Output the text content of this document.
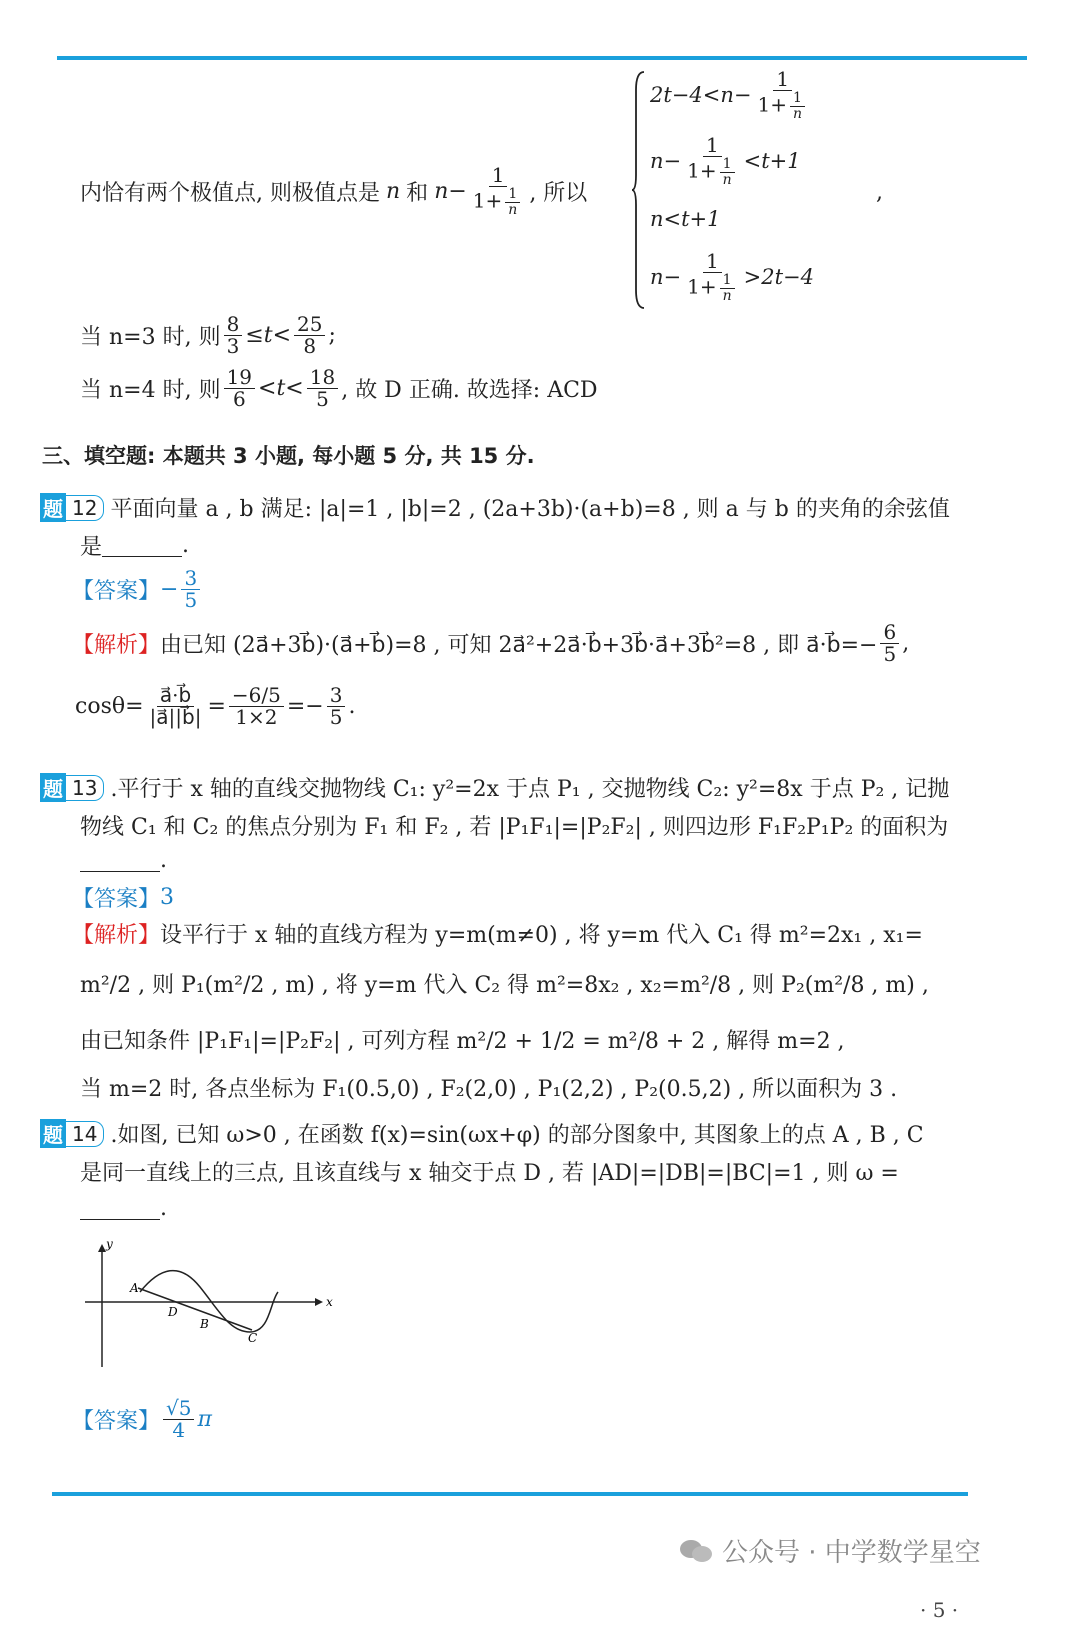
$2t-4<n- \frac{1}{1+ \frac{1}{n}}$
$n- \frac{1}{1+ \frac{1}{n}} <t+1$
n<t+1
$n- \frac{1}{1+ \frac{1}{n}} >2t-4$
,
内恰有两个极值点, 则极值点是 n 和 $n- \frac{1}{1+ \frac{1}{n}}$ , 所以
当 n=3 时, 则 $\frac{8}{3} \le t< \frac{25}{8}$ ;
当 n=4 时, 则 $\frac{19}{6} <t< \frac{18}{5}$ , 故 D 正确. 故选择: ACD
三、填空题: 本题共 3 小题, 每小题 5 分, 共 15 分.
题 12 平面向量 a , b 满足: |a|=1 , |b|=2 , (2a+3b)·(a+b)=8 , 则 a 与 b 的夹角的余弦值
是	.
【答案】 − $\frac{3}{5}$
【解析】 由已知 (2a⃗+3b⃗)·(a⃗+b⃗)=8 , 可知 2a⃗²+2a⃗·b⃗+3b⃗·a⃗+3b⃗²=8 , 即 a⃗·b⃗=− $\frac{6}{5}$ ,
$\cos\theta= \frac{a⃗\cdot b⃗}{|a⃗||b⃗|} = \frac{-6/5}{1\times 2} =- \frac{3}{5}$ .
题 13 .平行于 x 轴的直线交抛物线 C₁: y²=2x 于点 P₁ , 交抛物线 C₂: y²=8x 于点 P₂ , 记抛
物线 C₁ 和 C₂ 的焦点分别为 F₁ 和 F₂ , 若 |P₁F₁|=|P₂F₂| , 则四边形 F₁F₂P₁P₂ 的面积为
.
【答案】 3
【解析】 设平行于 x 轴的直线方程为 y=m(m≠0) , 将 y=m 代入 C₁ 得 m²=2x₁ , x₁=
m²/2 , 则 P₁(m²/2 , m) , 将 y=m 代入 C₂ 得 m²=8x₂ , x₂=m²/8 , 则 P₂(m²/8 , m) ,
由已知条件 |P₁F₁|=|P₂F₂| , 可列方程 m²/2 + 1/2 = m²/8 + 2 , 解得 m=2 ,
当 m=2 时, 各点坐标为 F₁(0.5,0) , F₂(2,0) , P₁(2,2) , P₂(0.5,2) , 所以面积为 3 .
题 14 .如图, 已知 ω>0 , 在函数 f(x)=sin(ωx+φ) 的部分图象中, 其图象上的点 A , B , C
是同一直线上的三点, 且该直线与 x 轴交于点 D , 若 |AD|=|DB|=|BC|=1 , 则 ω =
.
y
x
A
D
B
C
【答案】 $\frac{√5}{4}$ π
公众号 · 中学数学星空
· 5 ·
